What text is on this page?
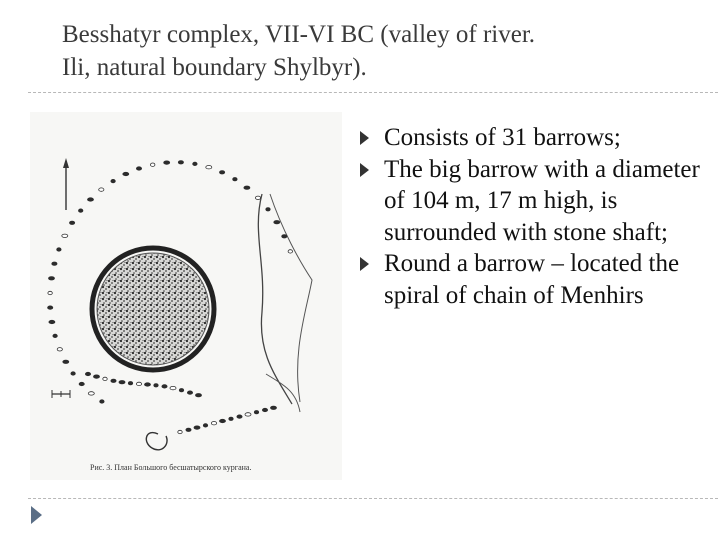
Besshatyr complex, VII-VI BC (valley of river.
Ili, natural boundary Shylbyr).
Рис. 3. План Большого бесшатырского кургана.
Consists of 31 barrows;
The big barrow with a diameter of 104 m, 17 m high, is surrounded with stone shaft;
Round a barrow – located the spiral of chain of Menhirs
